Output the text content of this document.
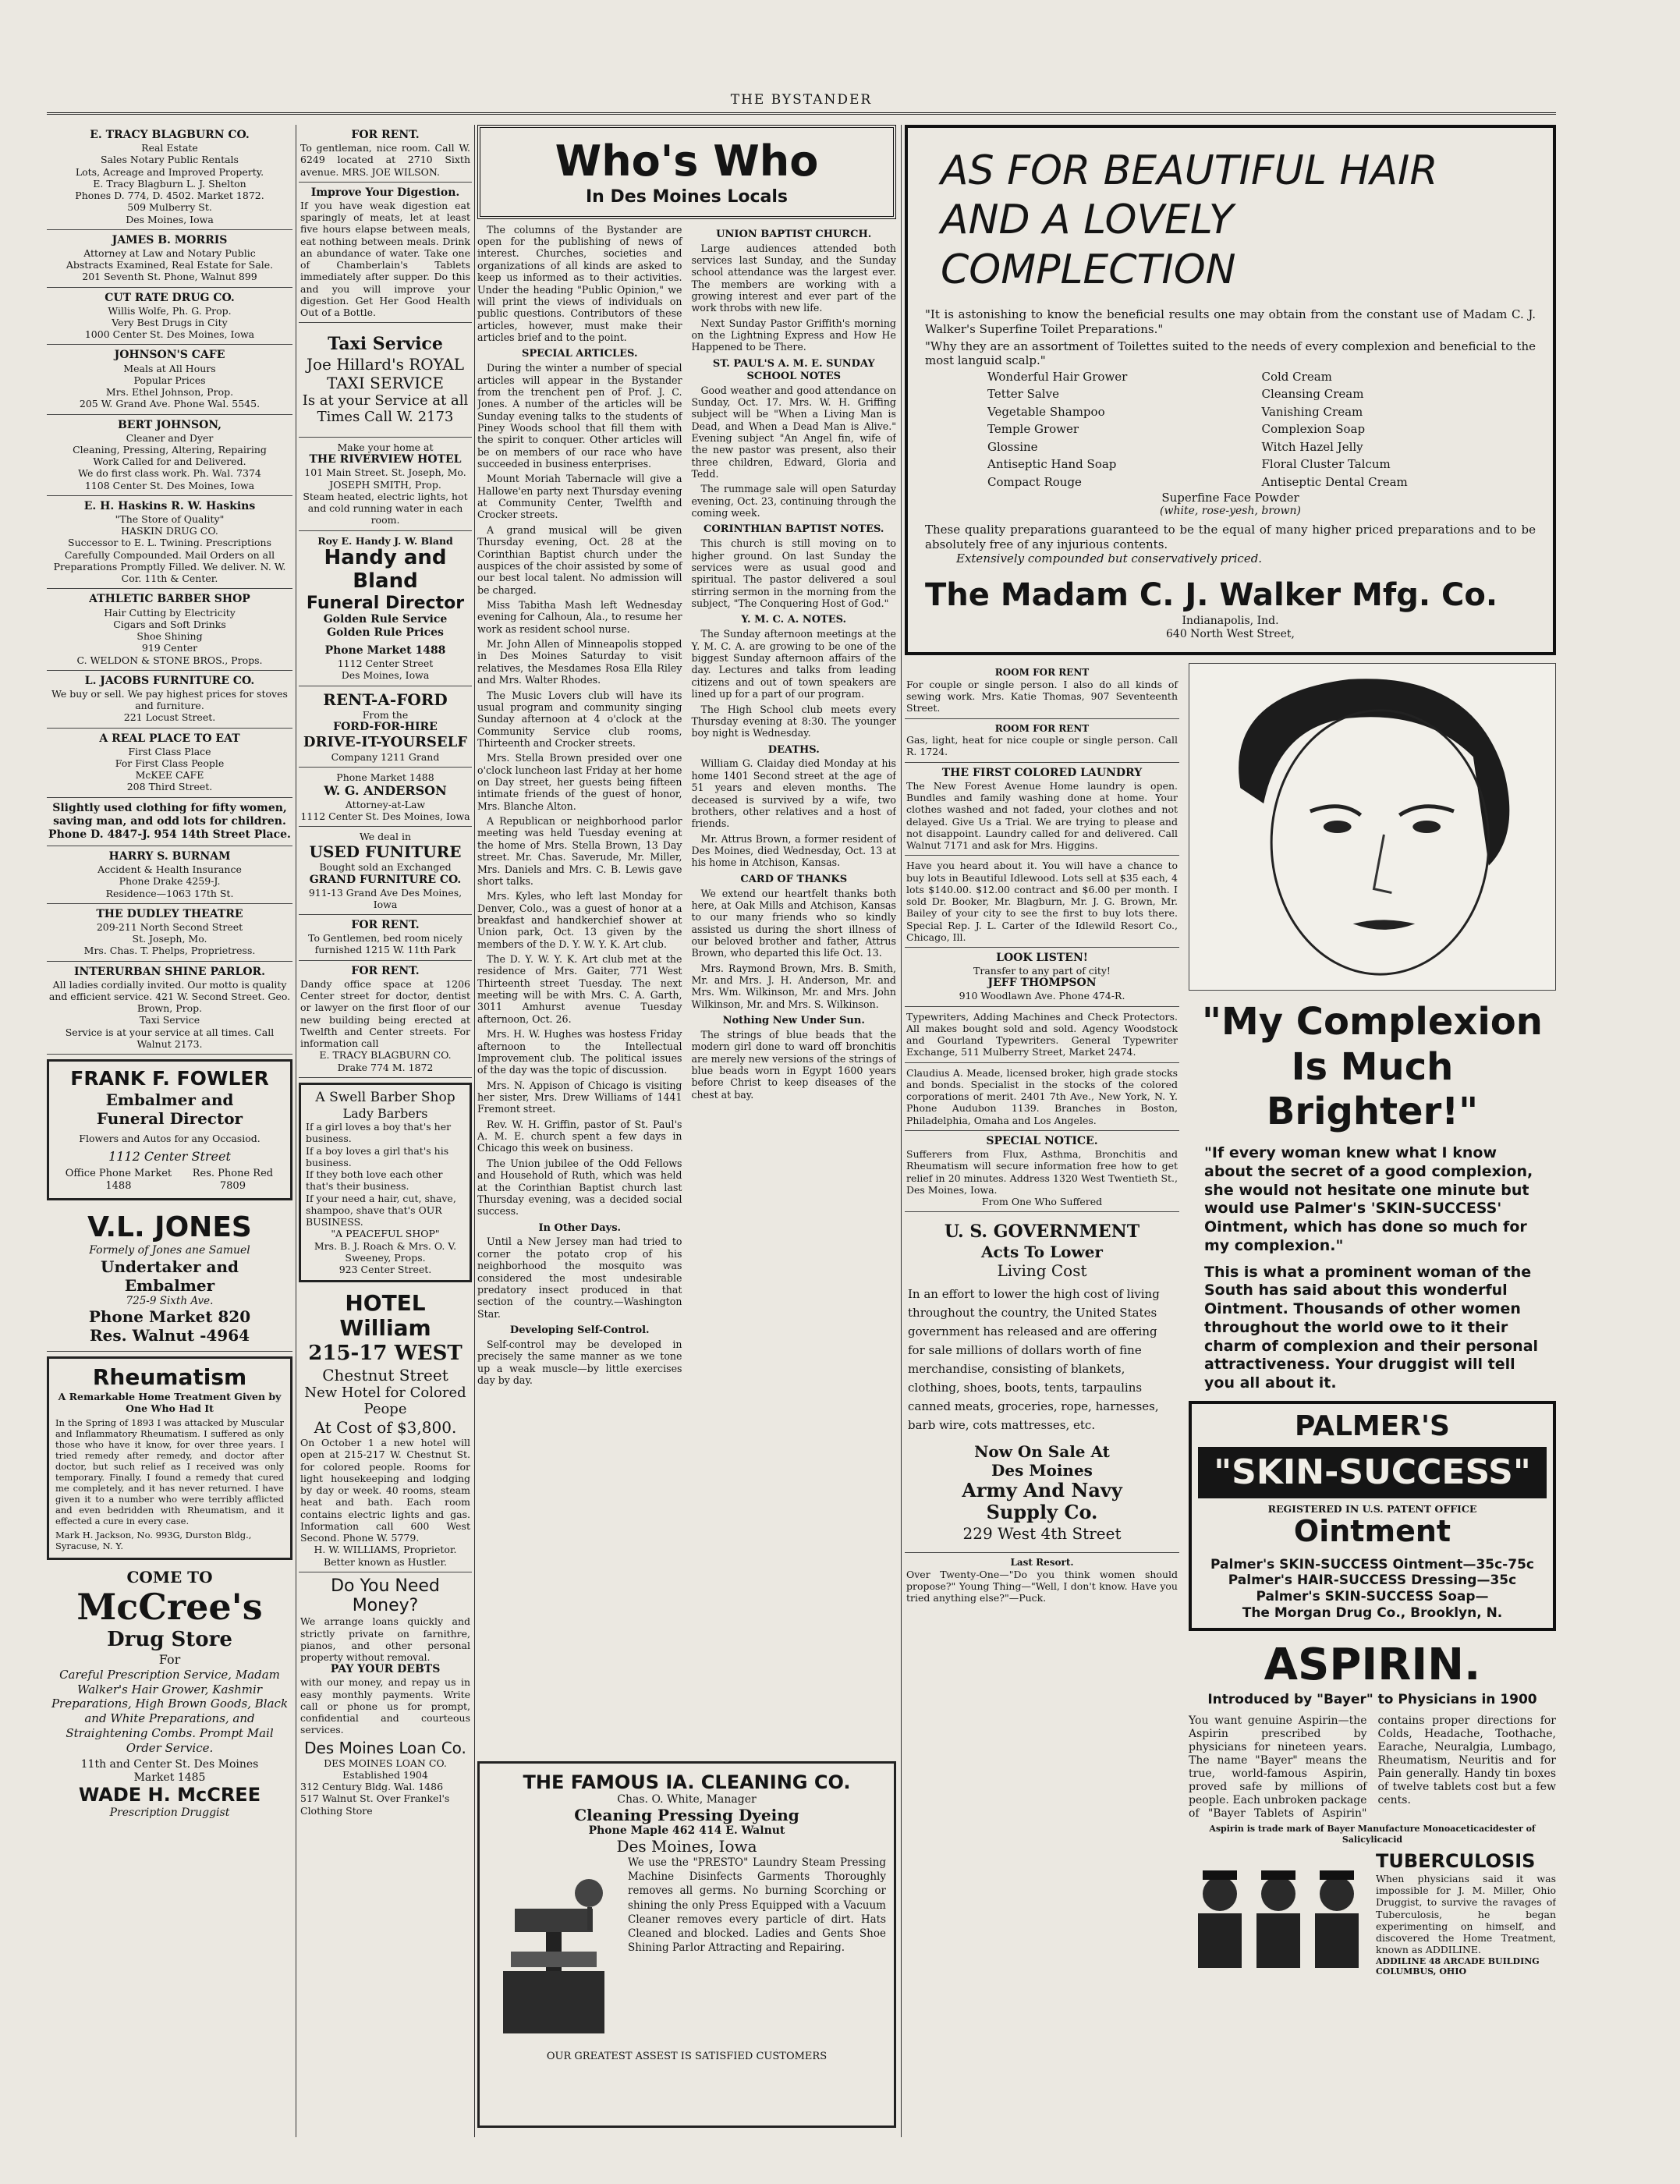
THE BYSTANDER
E. TRACY BLAGBURN CO.
Real Estate
Sales Notary Public Rentals
Lots, Acreage and Improved Property.
E. Tracy Blagburn L. J. Shelton
Phones D. 774, D. 4502. Market 1872.
509 Mulberry St.
Des Moines, Iowa
JAMES B. MORRIS
Attorney at Law and Notary Public
Abstracts Examined, Real Estate for Sale.
201 Seventh St. Phone, Walnut 899
CUT RATE DRUG CO.
Willis Wolfe, Ph. G. Prop.
Very Best Drugs in City
1000 Center St. Des Moines, Iowa
JOHNSON'S CAFE
Meals at All Hours
Popular Prices
Mrs. Ethel Johnson, Prop.
205 W. Grand Ave. Phone Wal. 5545.
BERT JOHNSON,
Cleaner and Dyer
Cleaning, Pressing, Altering, Repairing
Work Called for and Delivered.
We do first class work. Ph. Wal. 7374
1108 Center St. Des Moines, Iowa
E. H. Haskins R. W. Haskins
"The Store of Quality"
HASKIN DRUG CO.
Successor to E. L. Twining. Prescriptions Carefully Compounded. Mail Orders on all Preparations Promptly Filled. We deliver. N. W. Cor. 11th & Center.
ATHLETIC BARBER SHOP
Hair Cutting by Electricity
Cigars and Soft Drinks
Shoe Shining
919 Center
C. WELDON & STONE BROS., Props.
L. JACOBS FURNITURE CO.
We buy or sell. We pay highest prices for stoves and furniture.
221 Locust Street.
A REAL PLACE TO EAT
First Class Place
For First Class People
McKEE CAFE
208 Third Street.
Slightly used clothing for fifty women, saving man, and odd lots for children. Phone D. 4847-J. 954 14th Street Place.
HARRY S. BURNAM
Accident & Health Insurance
Phone Drake 4259-J.
Residence—1063 17th St.
THE DUDLEY THEATRE
209-211 North Second Street
St. Joseph, Mo.
Mrs. Chas. T. Phelps, Proprietress.
INTERURBAN SHINE PARLOR.
All ladies cordially invited. Our motto is quality and efficient service. 421 W. Second Street. Geo. Brown, Prop.
Taxi Service
Service is at your service at all times. Call Walnut 2173.
FRANK F. FOWLER
Embalmer and
Funeral Director
Flowers and Autos for any Occasiod.
1112 Center Street
Office Phone Market 1488
Res. Phone Red 7809
V.L. JONES
Formely of Jones ane Samuel
Undertaker and Embalmer
725-9 Sixth Ave.
Phone Market 820
Res. Walnut -4964
Rheumatism
A Remarkable Home Treatment Given by One Who Had It
In the Spring of 1893 I was attacked by Muscular and Inflammatory Rheumatism. I suffered as only those who have it know, for over three years. I tried remedy after remedy, and doctor after doctor, but such relief as I received was only temporary. Finally, I found a remedy that cured me completely, and it has never returned. I have given it to a number who were terribly afflicted and even bedridden with Rheumatism, and it effected a cure in every case.
Mark H. Jackson, No. 993G, Durston Bldg., Syracuse, N. Y.
COME TO
McCree's
Drug Store
For
Careful Prescription Service, Madam Walker's Hair Grower, Kashmir Preparations, High Brown Goods, Black and White Preparations, and Straightening Combs. Prompt Mail Order Service.
11th and Center St. Des Moines
Market 1485
WADE H. McCREE
Prescription Druggist
FOR RENT.
To gentleman, nice room. Call W. 6249 located at 2710 Sixth avenue. MRS. JOE WILSON.
Improve Your Digestion.
If you have weak digestion eat sparingly of meats, let at least five hours elapse between meals, eat nothing between meals. Drink an abundance of water. Take one of Chamberlain's Tablets immediately after supper. Do this and you will improve your digestion. Get Her Good Health Out of a Bottle.
Taxi Service
Joe Hillard's ROYAL
TAXI SERVICE
Is at your Service at all Times Call W. 2173
Make your home at
THE RIVERVIEW HOTEL
101 Main Street. St. Joseph, Mo.
JOSEPH SMITH, Prop.
Steam heated, electric lights, hot and cold running water in each room.
Roy E. Handy J. W. Bland
Handy and Bland
Funeral Director
Golden Rule Service
Golden Rule Prices
Phone Market 1488
1112 Center Street
Des Moines, Iowa
RENT-A-FORD
From the
FORD-FOR-HIRE
DRIVE-IT-YOURSELF
Company 1211 Grand
Phone Market 1488
W. G. ANDERSON
Attorney-at-Law
1112 Center St. Des Moines, Iowa
We deal in
USED FUNITURE
Bought sold an Exchanged
GRAND FURNITURE CO.
911-13 Grand Ave Des Moines, Iowa
FOR RENT.
To Gentlemen, bed room nicely furnished 1215 W. 11th Park
FOR RENT.
Dandy office space at 1206 Center street for doctor, dentist or lawyer on the first floor of our new building being erected at Twelfth and Center streets. For information call
E. TRACY BLAGBURN CO.
Drake 774 M. 1872
A Swell Barber Shop
Lady Barbers
If a girl loves a boy that's her business.
If a boy loves a girl that's his business.
If they both love each other that's their business.
If your need a hair, cut, shave, shampoo, shave that's OUR BUSINESS.
"A PEACEFUL SHOP"
Mrs. B. J. Roach & Mrs. O. V. Sweeney, Props.
923 Center Street.
HOTEL William
215-17 WEST
Chestnut Street
New Hotel for Colored Peope
At Cost of $3,800.
On October 1 a new hotel will open at 215-217 W. Chestnut St. for colored people. Rooms for light housekeeping and lodging by day or week. 40 rooms, steam heat and bath. Each room contains electric lights and gas. Information call 600 West Second. Phone W. 5779.
H. W. WILLIAMS, Proprietor.
Better known as Hustler.
Do You Need Money?
We arrange loans quickly and strictly private on farnithre, pianos, and other personal property without removal.
PAY YOUR DEBTS
with our money, and repay us in easy monthly payments. Write call or phone us for prompt, confidential and courteous services.
Des Moines Loan Co.
DES MOINES LOAN CO.
Established 1904
312 Century Bldg. Wal. 1486
517 Walnut St. Over Frankel's Clothing Store
Who's Who
In Des Moines Locals

The columns of the Bystander are open for the publishing of news of interest. Churches, societies and organizations of all kinds are asked to keep us informed as to their activities. Under the heading "Public Opinion," we will print the views of individuals on public questions. Contributors of these articles, however, must make their articles brief and to the point.

SPECIAL ARTICLES.

During the winter a number of special articles will appear in the Bystander from the trenchent pen of Prof. J. C. Jones. A number of the articles will be Sunday evening talks to the students of Piney Woods school that fill them with the spirit to conquer. Other articles will be on members of our race who have succeeded in business enterprises.

Mount Moriah Tabernacle will give a Hallowe'en party next Thursday evening at Community Center, Twelfth and Crocker streets.

A grand musical will be given Thursday evening, Oct. 28 at the Corinthian Baptist church under the auspices of the choir assisted by some of our best local talent. No admission will be charged.

Miss Tabitha Mash left Wednesday evening for Calhoun, Ala., to resume her work as resident school nurse.

Mr. John Allen of Minneapolis stopped in Des Moines Saturday to visit relatives, the Mesdames Rosa Ella Riley and Mrs. Walter Rhodes.

The Music Lovers club will have its usual program and community singing Sunday afternoon at 4 o'clock at the Community Service club rooms, Thirteenth and Crocker streets.

Mrs. Stella Brown presided over one o'clock luncheon last Friday at her home on Day street, her guests being fifteen intimate friends of the guest of honor, Mrs. Blanche Alton.

A Republican or neighborhood parlor meeting was held Tuesday evening at the home of Mrs. Stella Brown, 13 Day street. Mr. Chas. Saverude, Mr. Miller, Mrs. Daniels and Mrs. C. B. Lewis gave short talks.

Mrs. Kyles, who left last Monday for Denver, Colo., was a guest of honor at a breakfast and handkerchief shower at Union park, Oct. 13 given by the members of the D. Y. W. Y. K. Art club.

The D. Y. W. Y. K. Art club met at the residence of Mrs. Gaiter, 771 West Thirteenth street Tuesday. The next meeting will be with Mrs. C. A. Garth, 3011 Amhurst avenue Tuesday afternoon, Oct. 26.

Mrs. H. W. Hughes was hostess Friday afternoon to the Intellectual Improvement club. The political issues of the day was the topic of discussion.

Mrs. N. Appison of Chicago is visiting her sister, Mrs. Drew Williams of 1441 Fremont street.

Rev. W. H. Griffin, pastor of St. Paul's A. M. E. church spent a few days in Chicago this week on business.

The Union jubilee of the Odd Fellows and Household of Ruth, which was held at the Corinthian Baptist church last Thursday evening, was a decided social success.

In Other Days.

Until a New Jersey man had tried to corner the potato crop of his neighborhood the mosquito was considered the most undesirable predatory insect produced in that section of the country.—Washington Star.

Developing Self-Control.

Self-control may be developed in precisely the same manner as we tone up a weak muscle—by little exercises day by day.

UNION BAPTIST CHURCH.

Large audiences attended both services last Sunday, and the Sunday school attendance was the largest ever. The members are working with a growing interest and ever part of the work throbs with new life.

Next Sunday Pastor Griffith's morning on the Lightning Express and How He Happened to be There.

ST. PAUL'S A. M. E. SUNDAY SCHOOL NOTES

Good weather and good attendance on Sunday, Oct. 17. Mrs. W. H. Griffing subject will be "When a Living Man is Dead, and When a Dead Man is Alive." Evening subject "An Angel fin, wife of the new pastor was present, also their three children, Edward, Gloria and Tedd.

The rummage sale will open Saturday evening, Oct. 23, continuing through the coming week.

CORINTHIAN BAPTIST NOTES.

This church is still moving on to higher ground. On last Sunday the services were as usual good and spiritual. The pastor delivered a soul stirring sermon in the morning from the subject, "The Conquering Host of God."

Y. M. C. A. NOTES.

The Sunday afternoon meetings at the Y. M. C. A. are growing to be one of the biggest Sunday afternoon affairs of the day. Lectures and talks from leading citizens and out of town speakers are lined up for a part of our program.

The High School club meets every Thursday evening at 8:30. The younger boy night is Wednesday.

DEATHS.

William G. Claiday died Monday at his home 1401 Second street at the age of 51 years and eleven months. The deceased is survived by a wife, two brothers, other relatives and a host of friends.

Mr. Attrus Brown, a former resident of Des Moines, died Wednesday, Oct. 13 at his home in Atchison, Kansas.

CARD OF THANKS

We extend our heartfelt thanks both here, at Oak Mills and Atchison, Kansas to our many friends who so kindly assisted us during the short illness of our beloved brother and father, Attrus Brown, who departed this life Oct. 13.

Mrs. Raymond Brown, Mrs. B. Smith, Mr. and Mrs. J. H. Anderson, Mr. and Mrs. Wm. Wilkinson, Mr. and Mrs. John Wilkinson, Mr. and Mrs. S. Wilkinson.

Nothing New Under Sun.

The strings of blue beads that the modern girl done to ward off bronchitis are merely new versions of the strings of blue beads worn in Egypt 1600 years before Christ to keep diseases of the chest at bay.

THE FAMOUS IA. CLEANING CO.
Chas. O. White, Manager
Cleaning Pressing Dyeing
Phone Maple 462 414 E. Walnut
Des Moines, Iowa
We use the "PRESTO" Laundry Steam Pressing Machine Disinfects Garments Thoroughly removes all germs. No burning Scorching or shining the only Press Equipped with a Vacuum Cleaner removes every particle of dirt. Hats Cleaned and blocked. Ladies and Gents Shoe Shining Parlor Attracting and Repairing.
OUR GREATEST ASSEST IS SATISFIED CUSTOMERS
AS FOR BEAUTIFUL HAIR AND A LOVELY COMPLECTION
"It is astonishing to know the beneficial results one may obtain from the constant use of Madam C. J. Walker's Superfine Toilet Preparations."
"Why they are an assortment of Toilettes suited to the needs of every complexion and beneficial to the most languid scalp."
Wonderful Hair Grower
Tetter Salve
Vegetable Shampoo
Temple Grower
Glossine
Antiseptic Hand Soap
Compact Rouge
Cold Cream
Cleansing Cream
Vanishing Cream
Complexion Soap
Witch Hazel Jelly
Floral Cluster Talcum
Antiseptic Dental Cream
Superfine Face Powder
(white, rose-yesh, brown)
These quality preparations guaranteed to be the equal of many higher priced preparations and to be absolutely free of any injurious contents.
Extensively compounded but conservatively priced.
The Madam C. J. Walker Mfg. Co.
Indianapolis, Ind.
640 North West Street,
ROOM FOR RENT
For couple or single person. I also do all kinds of sewing work. Mrs. Katie Thomas, 907 Seventeenth Street.
ROOM FOR RENT
Gas, light, heat for nice couple or single person. Call R. 1724.
THE FIRST COLORED LAUNDRY
The New Forest Avenue Home laundry is open. Bundles and family washing done at home. Your clothes washed and not faded, your clothes and not delayed. Give Us a Trial. We are trying to please and not disappoint. Laundry called for and delivered. Call Walnut 7171 and ask for Mrs. Higgins.
Have you heard about it. You will have a chance to buy lots in Beautiful Idlewood. Lots sell at $35 each, 4 lots $140.00. $12.00 contract and $6.00 per month. I sold Dr. Booker, Mr. Blagburn, Mr. J. G. Brown, Mr. Bailey of your city to see the first to buy lots there. Special Rep. J. L. Carter of the Idlewild Resort Co., Chicago, Ill.
LOOK LISTEN!
Transfer to any part of city!
JEFF THOMPSON
910 Woodlawn Ave. Phone 474-R.
Typewriters, Adding Machines and Check Protectors. All makes bought sold and sold. Agency Woodstock and Gourland Typewriters. General Typewriter Exchange, 511 Mulberry Street, Market 2474.
Claudius A. Meade, licensed broker, high grade stocks and bonds. Specialist in the stocks of the colored corporations of merit. 2401 7th Ave., New York, N. Y. Phone Audubon 1139. Branches in Boston, Philadelphia, Omaha and Los Angeles.
SPECIAL NOTICE.
Sufferers from Flux, Asthma, Bronchitis and Rheumatism will secure information free how to get relief in 20 minutes. Address 1320 West Twentieth St., Des Moines, Iowa.
From One Who Suffered
U. S. GOVERNMENT
Acts To Lower
Living Cost
In an effort to lower the high cost of living throughout the country, the United States government has released and are offering for sale millions of dollars worth of fine merchandise, consisting of blankets, clothing, shoes, boots, tents, tarpaulins canned meats, groceries, rope, harnesses, barb wire, cots mattresses, etc.
Now On Sale At
Des Moines
Army And Navy
Supply Co.
229 West 4th Street
Last Resort.
Over Twenty-One—"Do you think women should propose?" Young Thing—"Well, I don't know. Have you tried anything else?"—Puck.
"My Complexion Is Much Brighter!"
"If every woman knew what I know about the secret of a good complexion, she would not hesitate one minute but would use Palmer's 'SKIN-SUCCESS' Ointment, which has done so much for my complexion."
This is what a prominent woman of the South has said about this wonderful Ointment. Thousands of other women throughout the world owe to it their charm of complexion and their personal attractiveness. Your druggist will tell you all about it.
PALMER'S
"SKIN-SUCCESS"
REGISTERED IN U.S. PATENT OFFICE
Ointment
Palmer's SKIN-SUCCESS Ointment—35c-75c
Palmer's HAIR-SUCCESS Dressing—35c
Palmer's SKIN-SUCCESS Soap—
The Morgan Drug Co., Brooklyn, N.
ASPIRIN.
Introduced by "Bayer" to Physicians in 1900
You want genuine Aspirin—the Aspirin prescribed by physicians for nineteen years. The name "Bayer" means the true, world-famous Aspirin, proved safe by millions of people. Each unbroken package of "Bayer Tablets of Aspirin" contains proper directions for Colds, Headache, Toothache, Earache, Neuralgia, Lumbago, Rheumatism, Neuritis and for Pain generally. Handy tin boxes of twelve tablets cost but a few cents.
Aspirin is trade mark of Bayer Manufacture Monoaceticacidester of Salicylicacid
TUBERCULOSIS
When physicians said it was impossible for J. M. Miller, Ohio Druggist, to survive the ravages of Tuberculosis, he began experimenting on himself, and discovered the Home Treatment, known as ADDILINE.
ADDILINE 48 ARCADE BUILDING COLUMBUS, OHIO
